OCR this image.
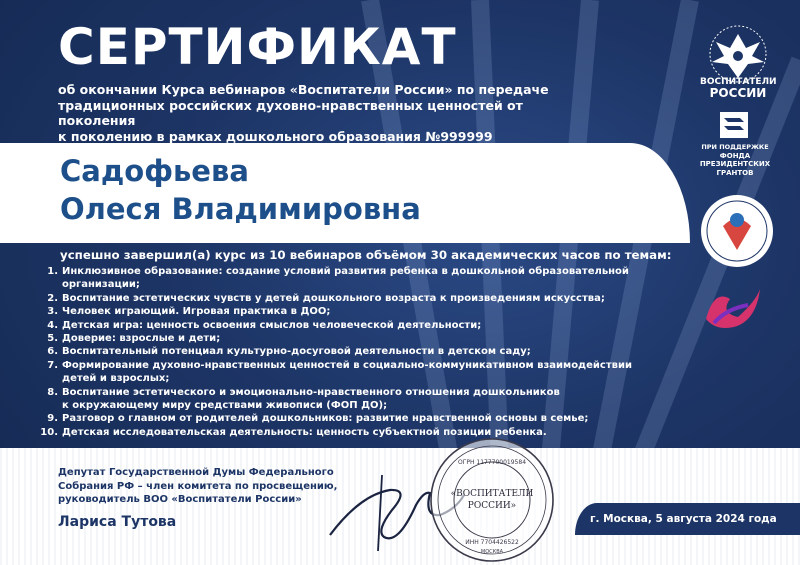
СЕРТИФИКАТ
об окончании Курса вебинаров «Воспитатели России» по передаче
традиционных российских духовно-нравственных ценностей от поколения
к поколению в рамках дошкольного образования №999999
Садофьева
Олеся Владимировна
успешно завершил(а) курс из 10 вебинаров объёмом 30 академических часов по темам:
1. Инклюзивное образование: создание условий развития ребенка в дошкольной образовательной организации;
2. Воспитание эстетических чувств у детей дошкольного возраста к произведениям искусства;
3. Человек играющий. Игровая практика в ДОО;
4. Детская игра: ценность освоения смыслов человеческой деятельности;
5. Доверие: взрослые и дети;
6. Воспитательный потенциал культурно-досуговой деятельности в детском саду;
7. Формирование духовно-нравственных ценностей в социально-коммуникативном взаимодействии
детей и взрослых;
8. Воспитание эстетического и эмоционально-нравственного отношения дошкольников
к окружающему миру средствами живописи (ФОП ДО);
9. Разговор о главном от родителей дошкольников: развитие нравственной основы в семье;
10. Детская исследовательская деятельность: ценность субъектной позиции ребенка.
ВОСПИТАТЕЛИ
РОССИИ
ПРИ ПОДДЕРЖКЕ
ФОНДА
ПРЕЗИДЕНТСКИХ
ГРАНТОВ
Депутат Государственной Думы Федерального
Собрания РФ – член комитета по просвещению,
руководитель ВОО «Воспитатели России»
Лариса Тутова
ОГРН 1177700019584
«ВОСПИТАТЕЛИ
РОССИИ»
ИНН 7704426522
МОСКВА
г. Москва, 5 августа 2024 года
